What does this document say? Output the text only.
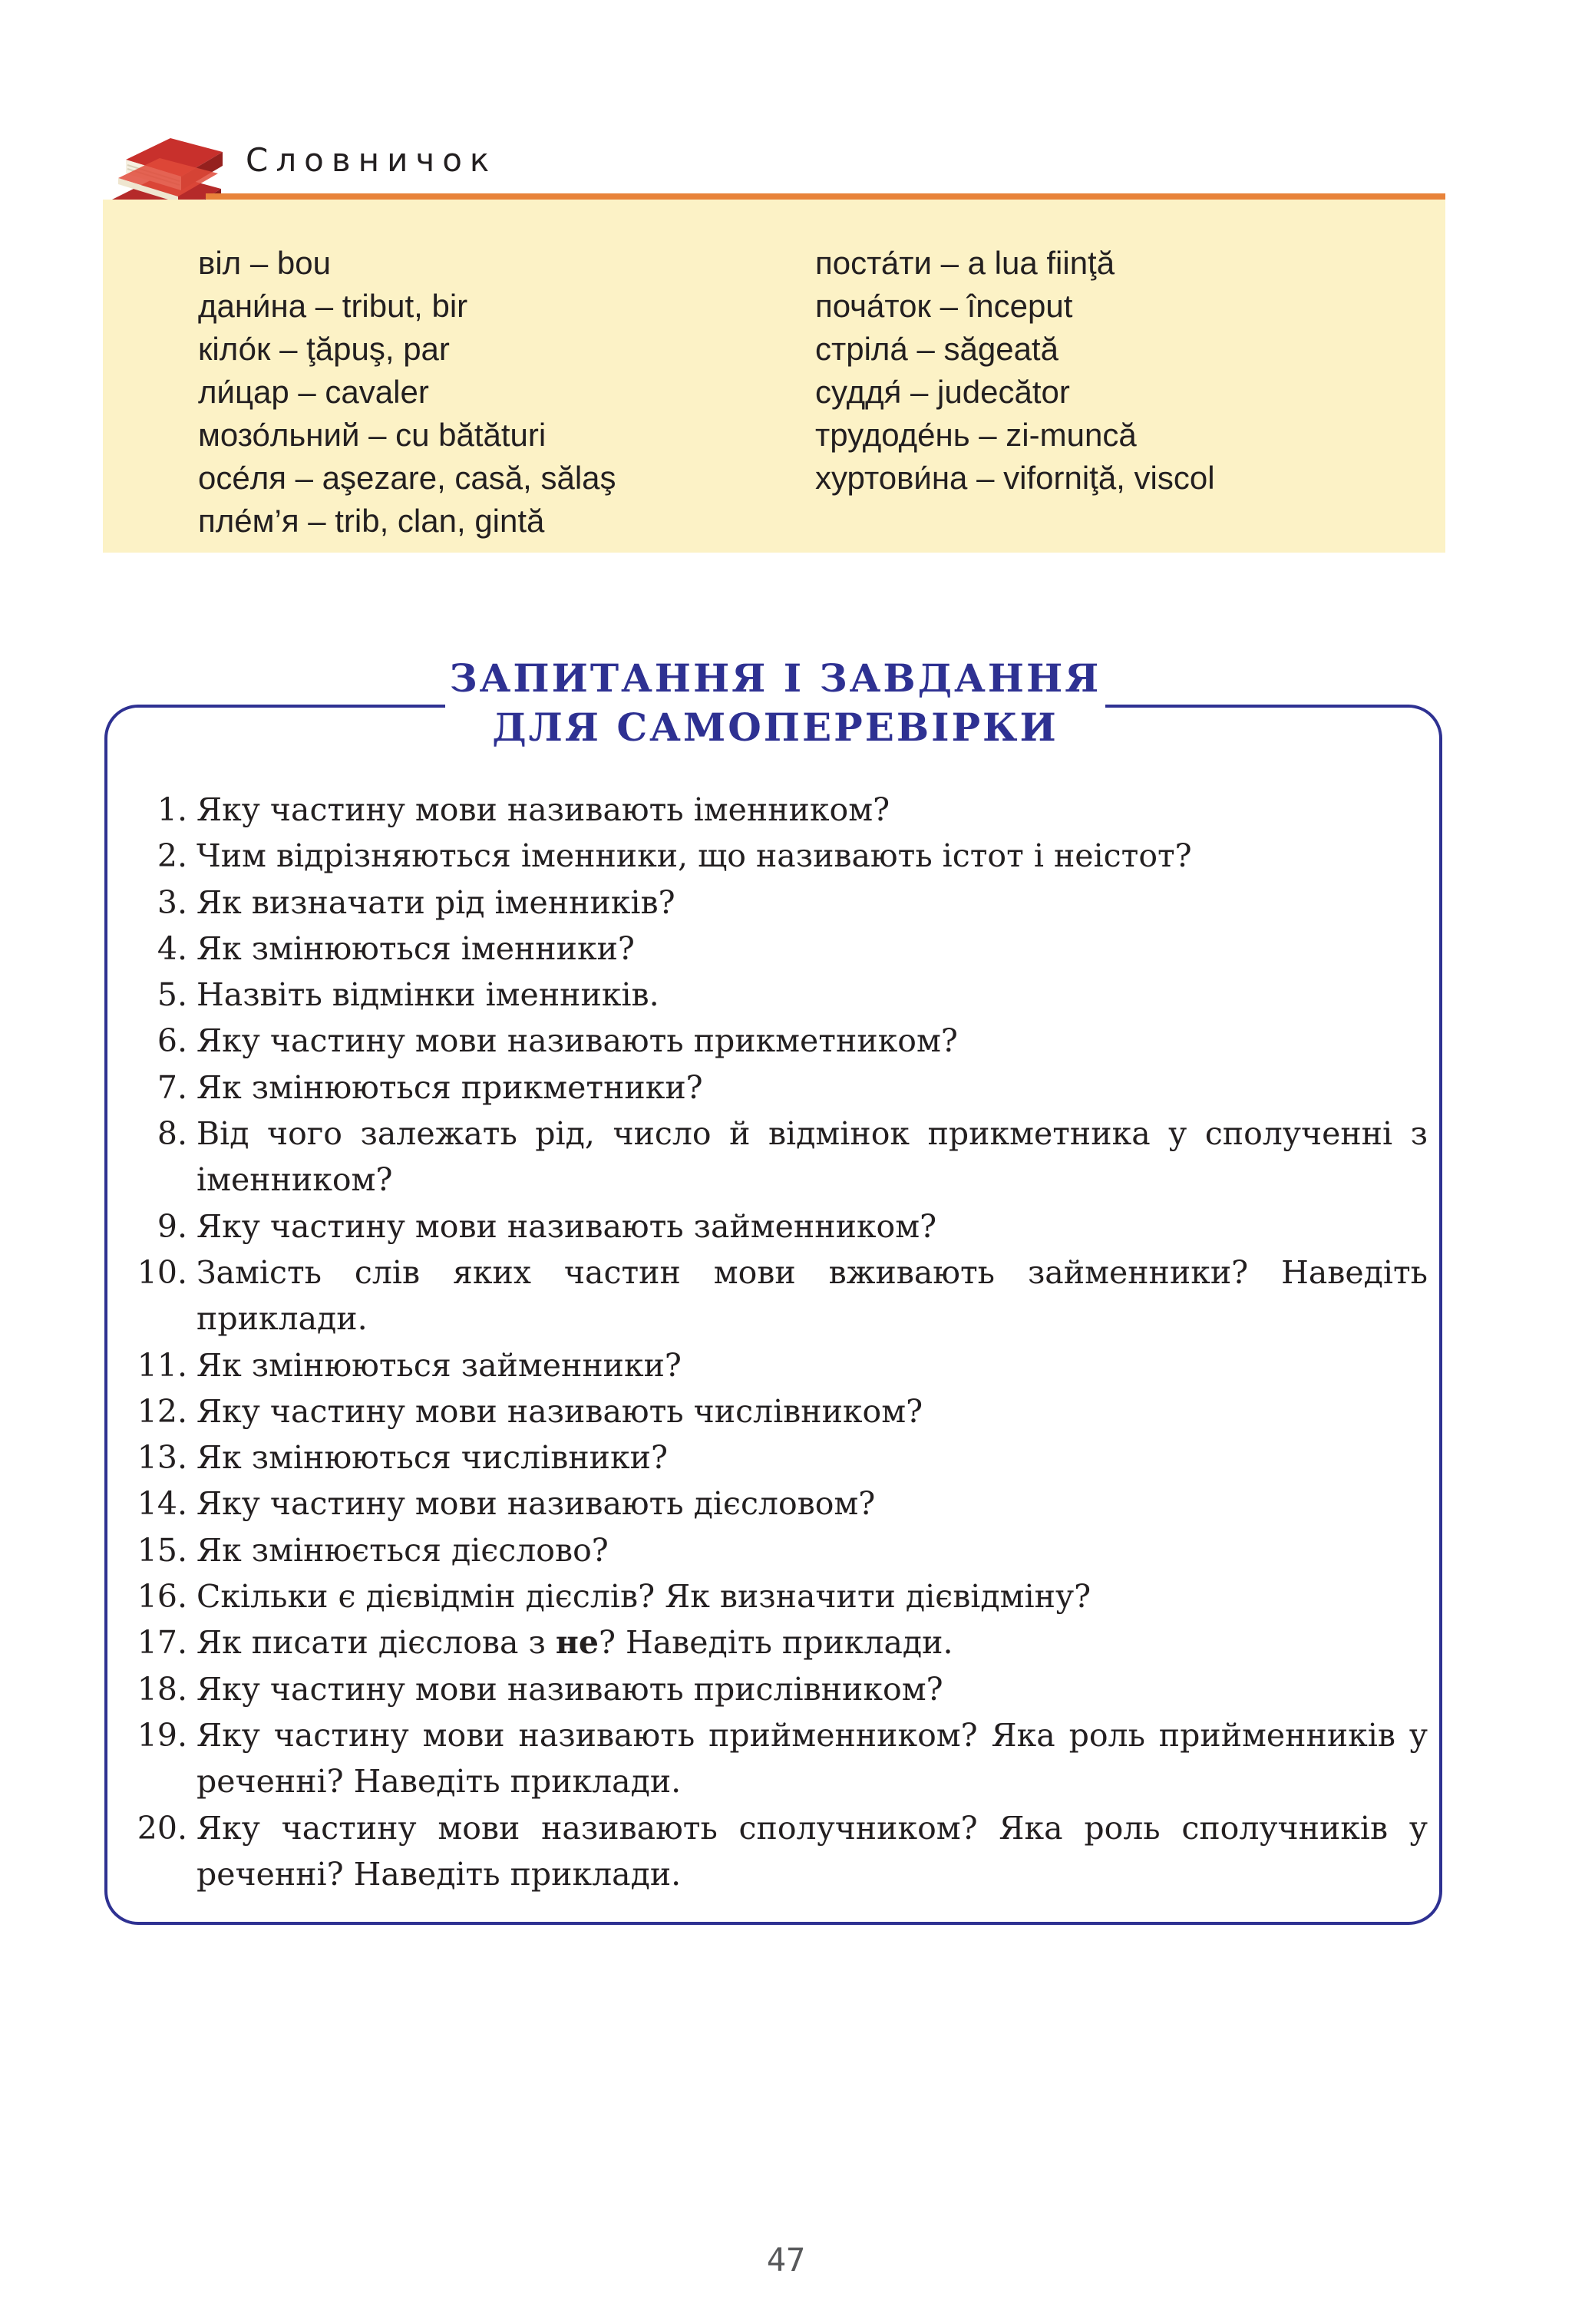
Словничок
віл – bou
дани́на – tribut, bir
кіло́к – ţăpuş, par
ли́цар – cavaler
мозо́льний – cu bătături
осе́ля – aşezare, casă, sălaş
пле́м’я – trib, clan, gintă
поста́ти – a lua fiinţă
поча́ток – început
стріла́ – săgeată
суддя́ – judecător
трудоде́нь – zi-muncă
хуртови́на – viforniţă, viscol
ЗАПИТАННЯ І ЗАВДАННЯ
ДЛЯ САМОПЕРЕВІРКИ
1. Яку частину мови називають іменником?
2. Чим відрізняються іменники, що називають істот і неістот?
3. Як визначати рід іменників?
4. Як змінюються іменники?
5. Назвіть відмінки іменників.
6. Яку частину мови називають прикметником?
7. Як змінюються прикметники?
8. Від чого залежать рід, число й відмінок прикметника у сполученні з іменником?
9. Яку частину мови називають займенником?
10. Замість слів яких частин мови вживають займенники? Наведіть приклади.
11. Як змінюються займенники?
12. Яку частину мови називають числівником?
13. Як змінюються числівники?
14. Яку частину мови називають дієсловом?
15. Як змінюється дієслово?
16. Скільки є дієвідмін дієслів? Як визначити дієвідміну?
17. Як писати дієслова з не? Наведіть приклади.
18. Яку частину мови називають прислівником?
19. Яку частину мови називають прийменником? Яка роль прийменників у реченні? Наведіть приклади.
20. Яку частину мови називають сполучником? Яка роль сполучників у реченні? Наведіть приклади.
47
